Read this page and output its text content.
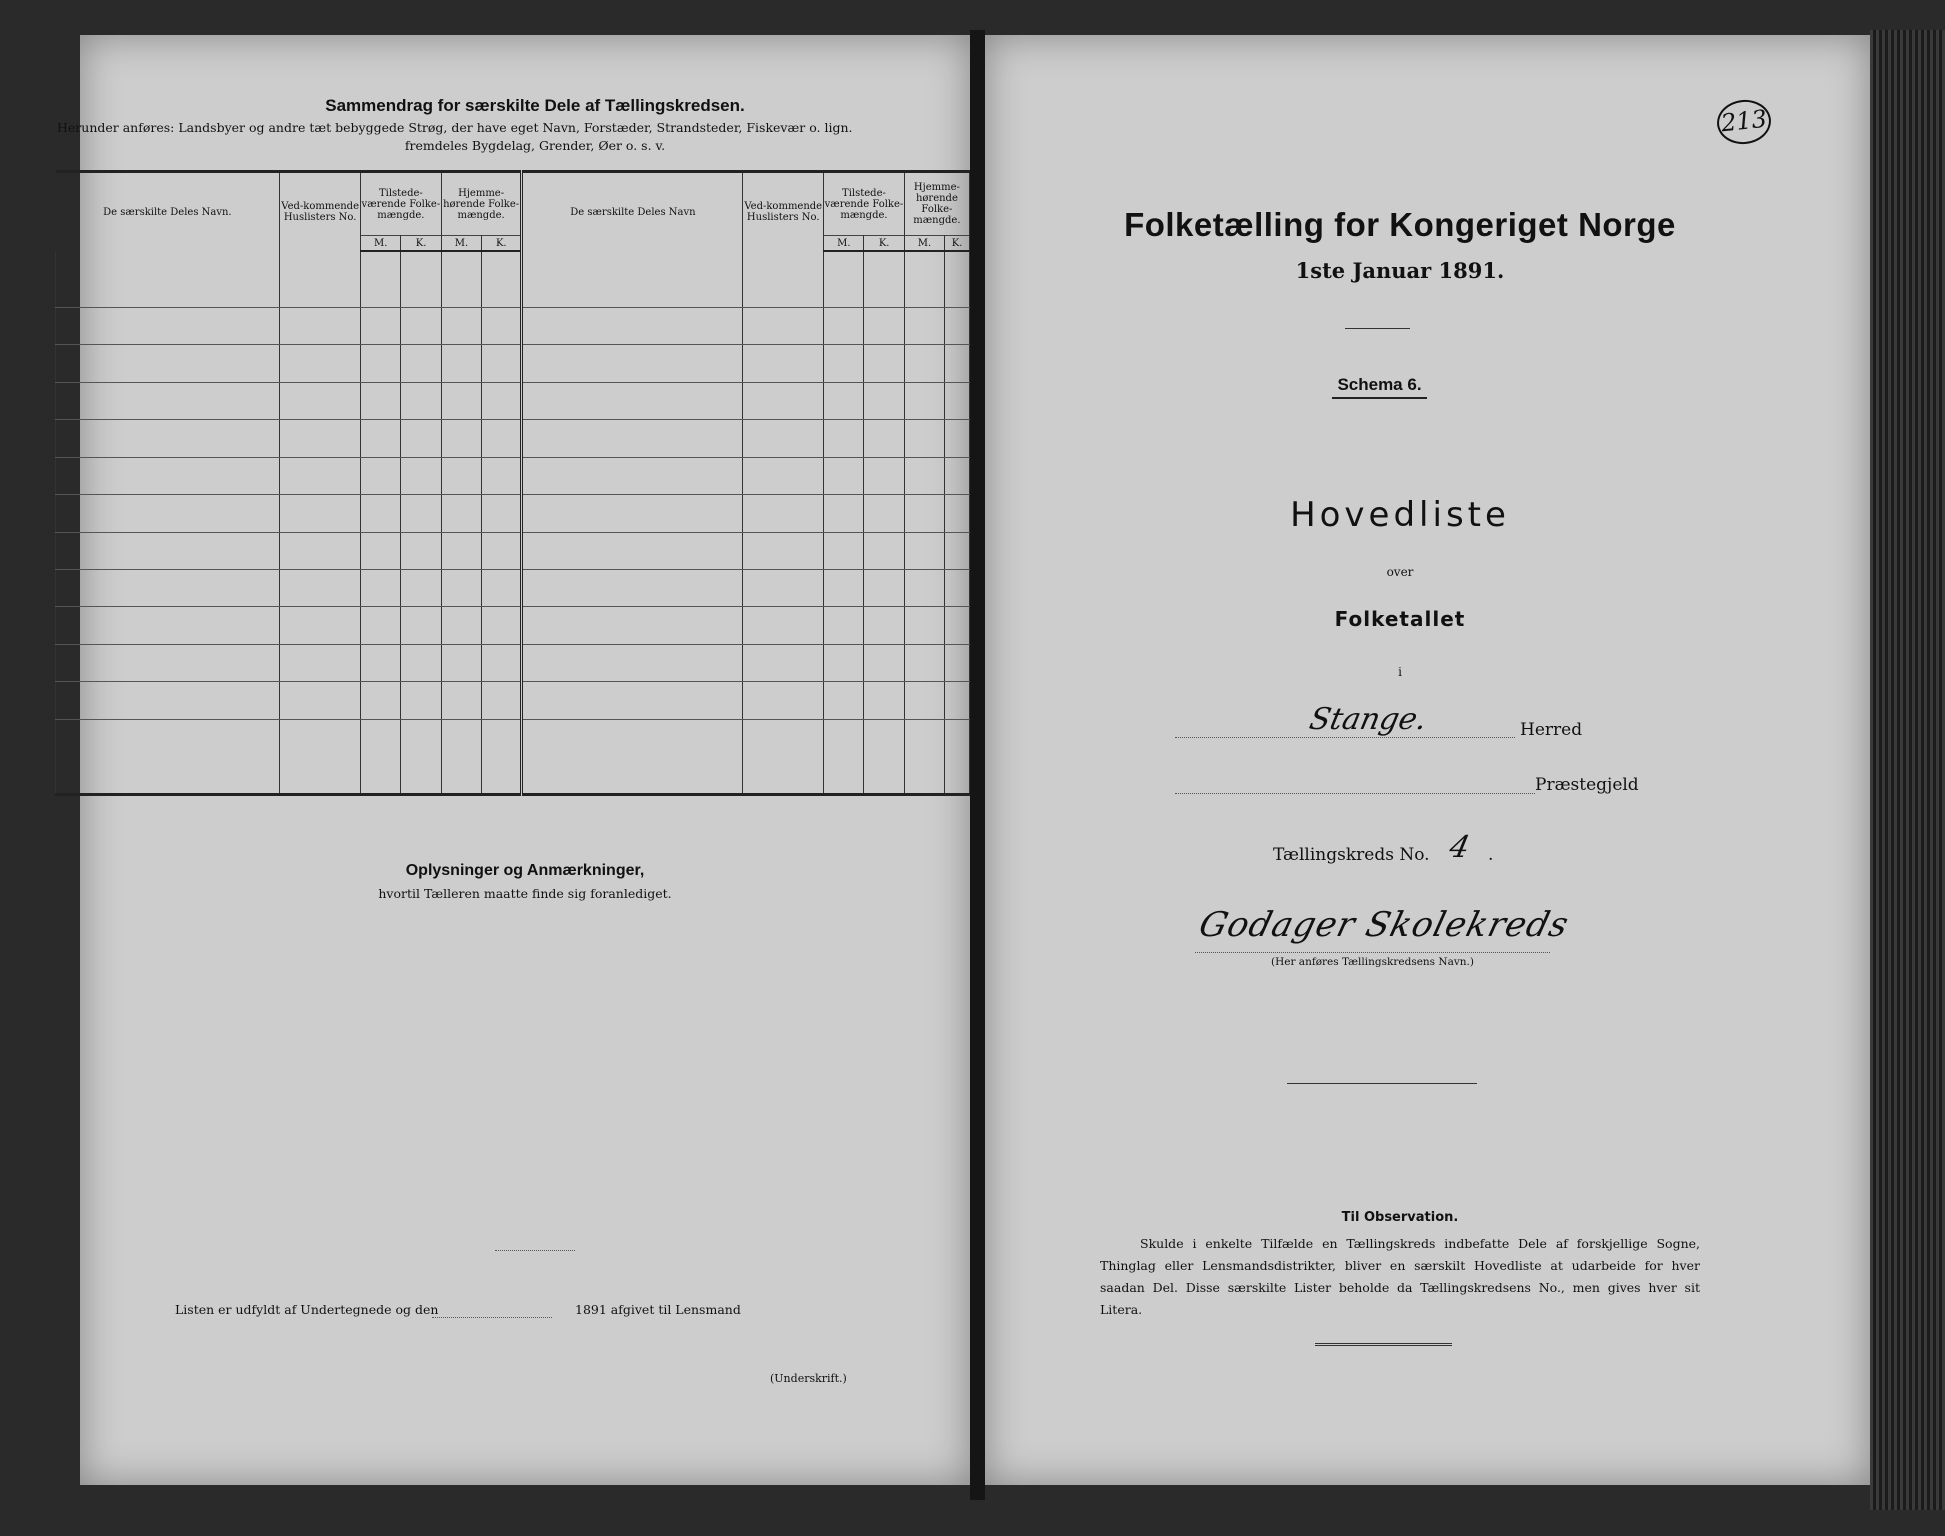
Sammendrag for særskilte Dele af Tællingskredsen.
Herunder anføres: Landsbyer og andre tæt bebyggede Strøg, der have eget Navn, Forstæder, Strandsteder, Fiskevær o. lign.
fremdeles Bygdelag, Grender, Øer o. s. v.
De særskilte Deles Navn.	Ved-kommende Huslisters No.	Tilstede-værende Folke-mængde.		Hjemme-hørende Folke-mængde.		De særskilte Deles Navn	Ved-kommende Huslisters No.	Tilstede-værende Folke-mængde.		Hjemme-hørende Folke-mængde.	
		M.	K.	M.	K.			M.	K.	M.	K.

Oplysninger og Anmærkninger,
hvortil Tælleren maatte finde sig foranlediget.
Listen er udfyldt af Undertegnede og den	1891 afgivet til Lensmand
(Underskrift.)
213
Folketælling for Kongeriget Norge
1ste Januar 1891.
Schema 6.
Hovedliste
over
Folketallet
i
Stange.	Herred
Præstegjeld
Tællingskreds No. 4 .
Godager Skolekreds
(Her anføres Tællingskredsens Navn.)
Til Observation.
Skulde i enkelte Tilfælde en Tællingskreds indbefatte Dele af forskjellige Sogne, Thinglag eller Lensmandsdistrikter, bliver en særskilt Hovedliste at udarbeide for hver saadan Del. Disse særskilte Lister beholde da Tællingskredsens No., men gives hver sit Litera.
